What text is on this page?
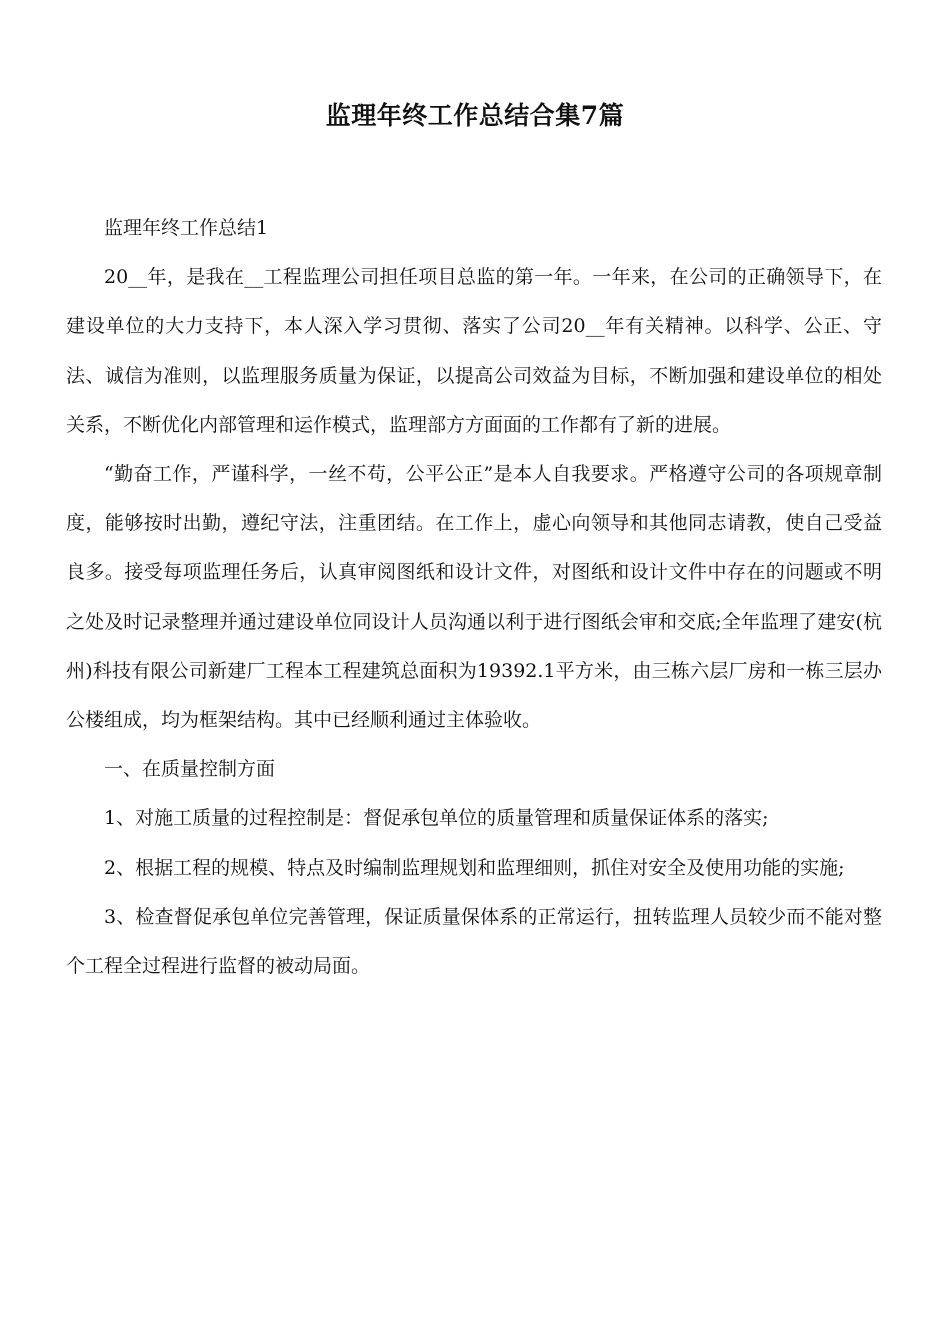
监理年终工作总结合集7篇

监理年终工作总结1

20__年，是我在__工程监理公司担任项目总监的第一年。一年来，在公司的正确领导下，在建设单位的大力支持下，本人深入学习贯彻、落实了公司20__年有关精神。以科学、公正、守法、诚信为准则，以监理服务质量为保证，以提高公司效益为目标，不断加强和建设单位的相处关系，不断优化内部管理和运作模式，监理部方方面面的工作都有了新的进展。

“勤奋工作，严谨科学，一丝不苟，公平公正”是本人自我要求。严格遵守公司的各项规章制度，能够按时出勤，遵纪守法，注重团结。在工作上，虚心向领导和其他同志请教，使自己受益良多。接受每项监理任务后，认真审阅图纸和设计文件，对图纸和设计文件中存在的问题或不明之处及时记录整理并通过建设单位同设计人员沟通以利于进行图纸会审和交底;全年监理了建安(杭州)科技有限公司新建厂工程本工程建筑总面积为19392.1平方米，由三栋六层厂房和一栋三层办公楼组成，均为框架结构。其中已经顺利通过主体验收。

一、在质量控制方面

1、对施工质量的过程控制是：督促承包单位的质量管理和质量保证体系的落实;

2、根据工程的规模、特点及时编制监理规划和监理细则，抓住对安全及使用功能的实施;

3、检查督促承包单位完善管理，保证质量保体系的正常运行，扭转监理人员较少而不能对整个工程全过程进行监督的被动局面。
